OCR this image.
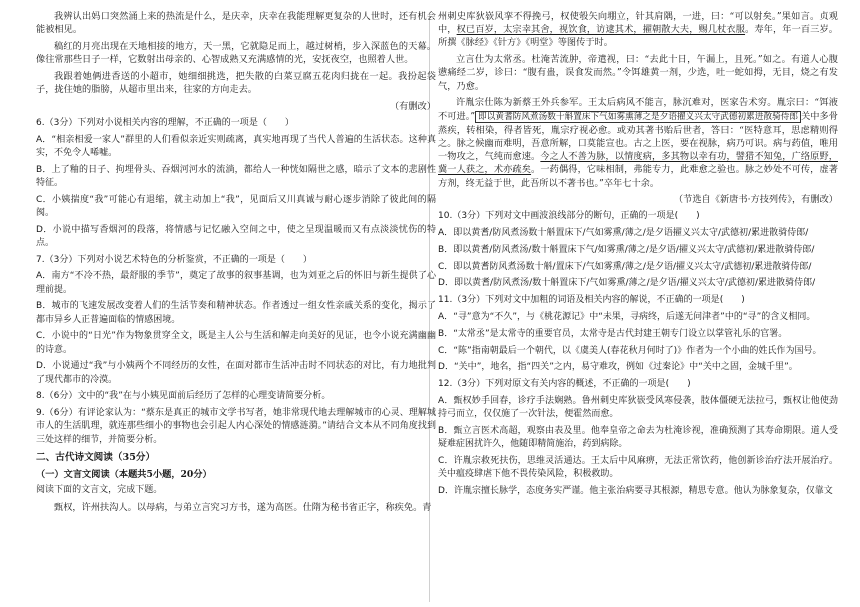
我辨认出妈口突然涌上来的热流是什么，是庆幸，庆幸在我能理解更复杂的人世时，还有机会能被相见。

稿红的月亮出现在天地相接的地方，天一黑，它就隐足而上，越过树梢，步入深蓝色的天幕。像往常那些日子一样，它数射出母亲的、心智成熟又充满感情的光，安抚夜空，也照着人世。

我跟着她俩进香送的小超市，她细细挑选，把失散的白菜豆腐五花肉归拢在一起。我扮起袋子，拢住她的脂膀，从超市里出来，往家的方向走去。

（有删改）

6.（3分）下列对小说相关内容的理解，不正确的一项是（　　）

A．“相亲相爱一家人”群里的人们看似亲近实则疏离，真实地再现了当代人普遍的生活状态。这种真实，不免令人唏嘘。

B．上了釉的日子、拘埋骨头、吞烟河河水的流淌，都给人一种恍如隔世之感，暗示了文本的悲剧性特征。

C．小姨揣度“我”可能心有退缩，就主动加上“我”，见面后又川真诚与耐心逐步消除了彼此间的隔阂。

D．小说中描写香烟河的段落，将情感与记忆融入空间之中，使之呈现温暖而又有点淡淡忧伤的特点。

7.（3分）下列对小说艺术特色的分析鉴赏，不正确的一项是（　　）

A．南方“不冷不热，最舒服的季节”，奠定了故事的叙事基调，也为刘亚之后的怀旧与新生提供了心理前提。

B．城市的飞速发展改变着人们的生活节奏和精神状态。作者透过一组女性亲戚关系的变化，揭示了都市异乡人正普遍面临的情感困境。

C．小说中的“日光”作为物象贯穿全文，既是主人公与生活和解走向美好的见证，也令小说充满幽幽的诗意。

D．小说通过“我”与小姨两个不同经历的女性，在面对都市生活冲击时不同状态的对比，有力地批判了现代都市的冷漠。

8.（6分）文中的“我”在与小姨见面前后经历了怎样的心理变请简要分析。

9.（6分）有评论家认为：“蔡东是真正的城市文学书写者，她非常现代地去理解城市的心灵、理解城市人的生活肌理，就连那些细小的事物也会引起人内心深处的情感涟漪。”请结合文本从不同角度找到三处这样的细节，并简要分析。

二、古代诗文阅读（35分）

（一）文言文阅读（本题共5小题，20分）

阅读下面的文言文，完成下题。

甄权，许州扶沟人。以母病，与弟立言究习方书，遂为高医。仕隋为秘书省正字，称疾免。青

州刺史库狄嵚风挛不得挽弓，权使彀矢向堋立，针其肩隅，一进，曰：“可以射矣。”果如言。贞观中，权已百岁，太宗幸其舍，视饮食，访逮其术，擢朝散大夫，赐几杖衣服。寿年，年一百三岁。所撰《脉经》《针方》《明堂》等图传于时。

立言仕为太常丞。杜淹苦流肿，帝遣视，曰：“去此十日，午漏上，且死。”如之。有道人心腹懑痛经二岁，诊曰：“腹有蛊，误食发而然。”令饵雄黄一剂，少选，吐一蛇如拇，无目，烧之有发气，乃愈。

许胤宗仕陈为新蔡王外兵参军。王太后病风不能言，脉沉难对，医家告术穷。胤宗曰：“饵液不可进。” 即以黄耆防风煮汤数十斛置床下气如雾熏薄之是夕语擢义兴太守武德初累进散骑侍郎 关中多骨蒸疾，转相染，得者皆死，胤宗疗视必愈。或劝其著书贻后世者，答曰：“医特意耳，思虑精则得之。脉之候幽而难明，吾意所解，口莫能宣也。古之上医，要在视脉，病乃可识。病与药值，唯用一物攻之，气纯而愈速。今之人不善为脉，以情度病，多其物以幸有功，譬猎不知兔，广络原野，冀一人获之，术亦疏矣。一药偶得，它味相制，弗能专力，此难愈之验也。脉之妙处不可传，虚著方剂，终无益于世，此吾所以不著书也。”卒年七十余。

（节选自《新唐书·方技列传》，有删改）

10.（3分）下列对文中画波浪线部分的断句，正确的一项是(　　)

A．即以黄耆/防风煮汤数十斛置床下/气如雾熏/薄之/是夕语擢义兴太守/武德初/累进散骑侍郎/

B．即以黄耆/防风煮汤/数十斛置床下气/如雾熏/薄之/是夕语/擢义兴太守/武德初/累进散骑侍郎/

C．即以黄耆防风煮汤数十斛/置床下/气如雾熏/薄之/是夕语/擢义兴太守/武德初/累进散骑侍郎/

D．即以黄耆/防风煮汤/数十斛置床下/气如雾熏/薄之/是夕语/擢义兴太守/武德初/累进散骑侍郎/

11.（3分）下列对文中加粗的词语及相关内容的解说，不正确的一项是(　　)

A．“寻”意为“不久”，与《桃花源记》中“未果，寻病终，后遂无问津者”中的“寻”的含义相同。

B．“太常丞”是太常寺的重要官员，太常寺是古代封建王朝专门设立以掌管礼乐的官署。

C．“陈”指南朝最后一个朝代，以《虞美人(春花秋月何时了)》作者为一个小曲的姓氏作为国号。

D．“关中”，地名，指“四关”之内，易守难攻，例如《过秦论》中“关中之固，金城千里”。

12.（3分）下列对原文有关内容的概述，不正确的一项是(　　)

A．甄权妙手回春，诊疗手法娴熟。鲁州刺史库狄嵚受风寒侵袭，肢体僵硬无法拉弓，甄权让他使劲持弓而立，仅仅施了一次针法，便霍然而愈。

B．甄立言医术高超，观察由表及里。他奉皇帝之命去为杜淹诊视，准确预测了其寿命期限。道人受疑难症困扰许久，他随即精简施治，药到病除。

C．许胤宗救死扶伤，思维灵活通达。王太后中风麻痹，无法正常饮药，他创新诊治疗法开展治疗。关中瘟疫肆虐下他不畏传染风险，积极救助。

D．许胤宗擅长脉学，态度务实严谨。他主张治病要寻其根源，精思专意。他认为脉象复杂，仅靠文
